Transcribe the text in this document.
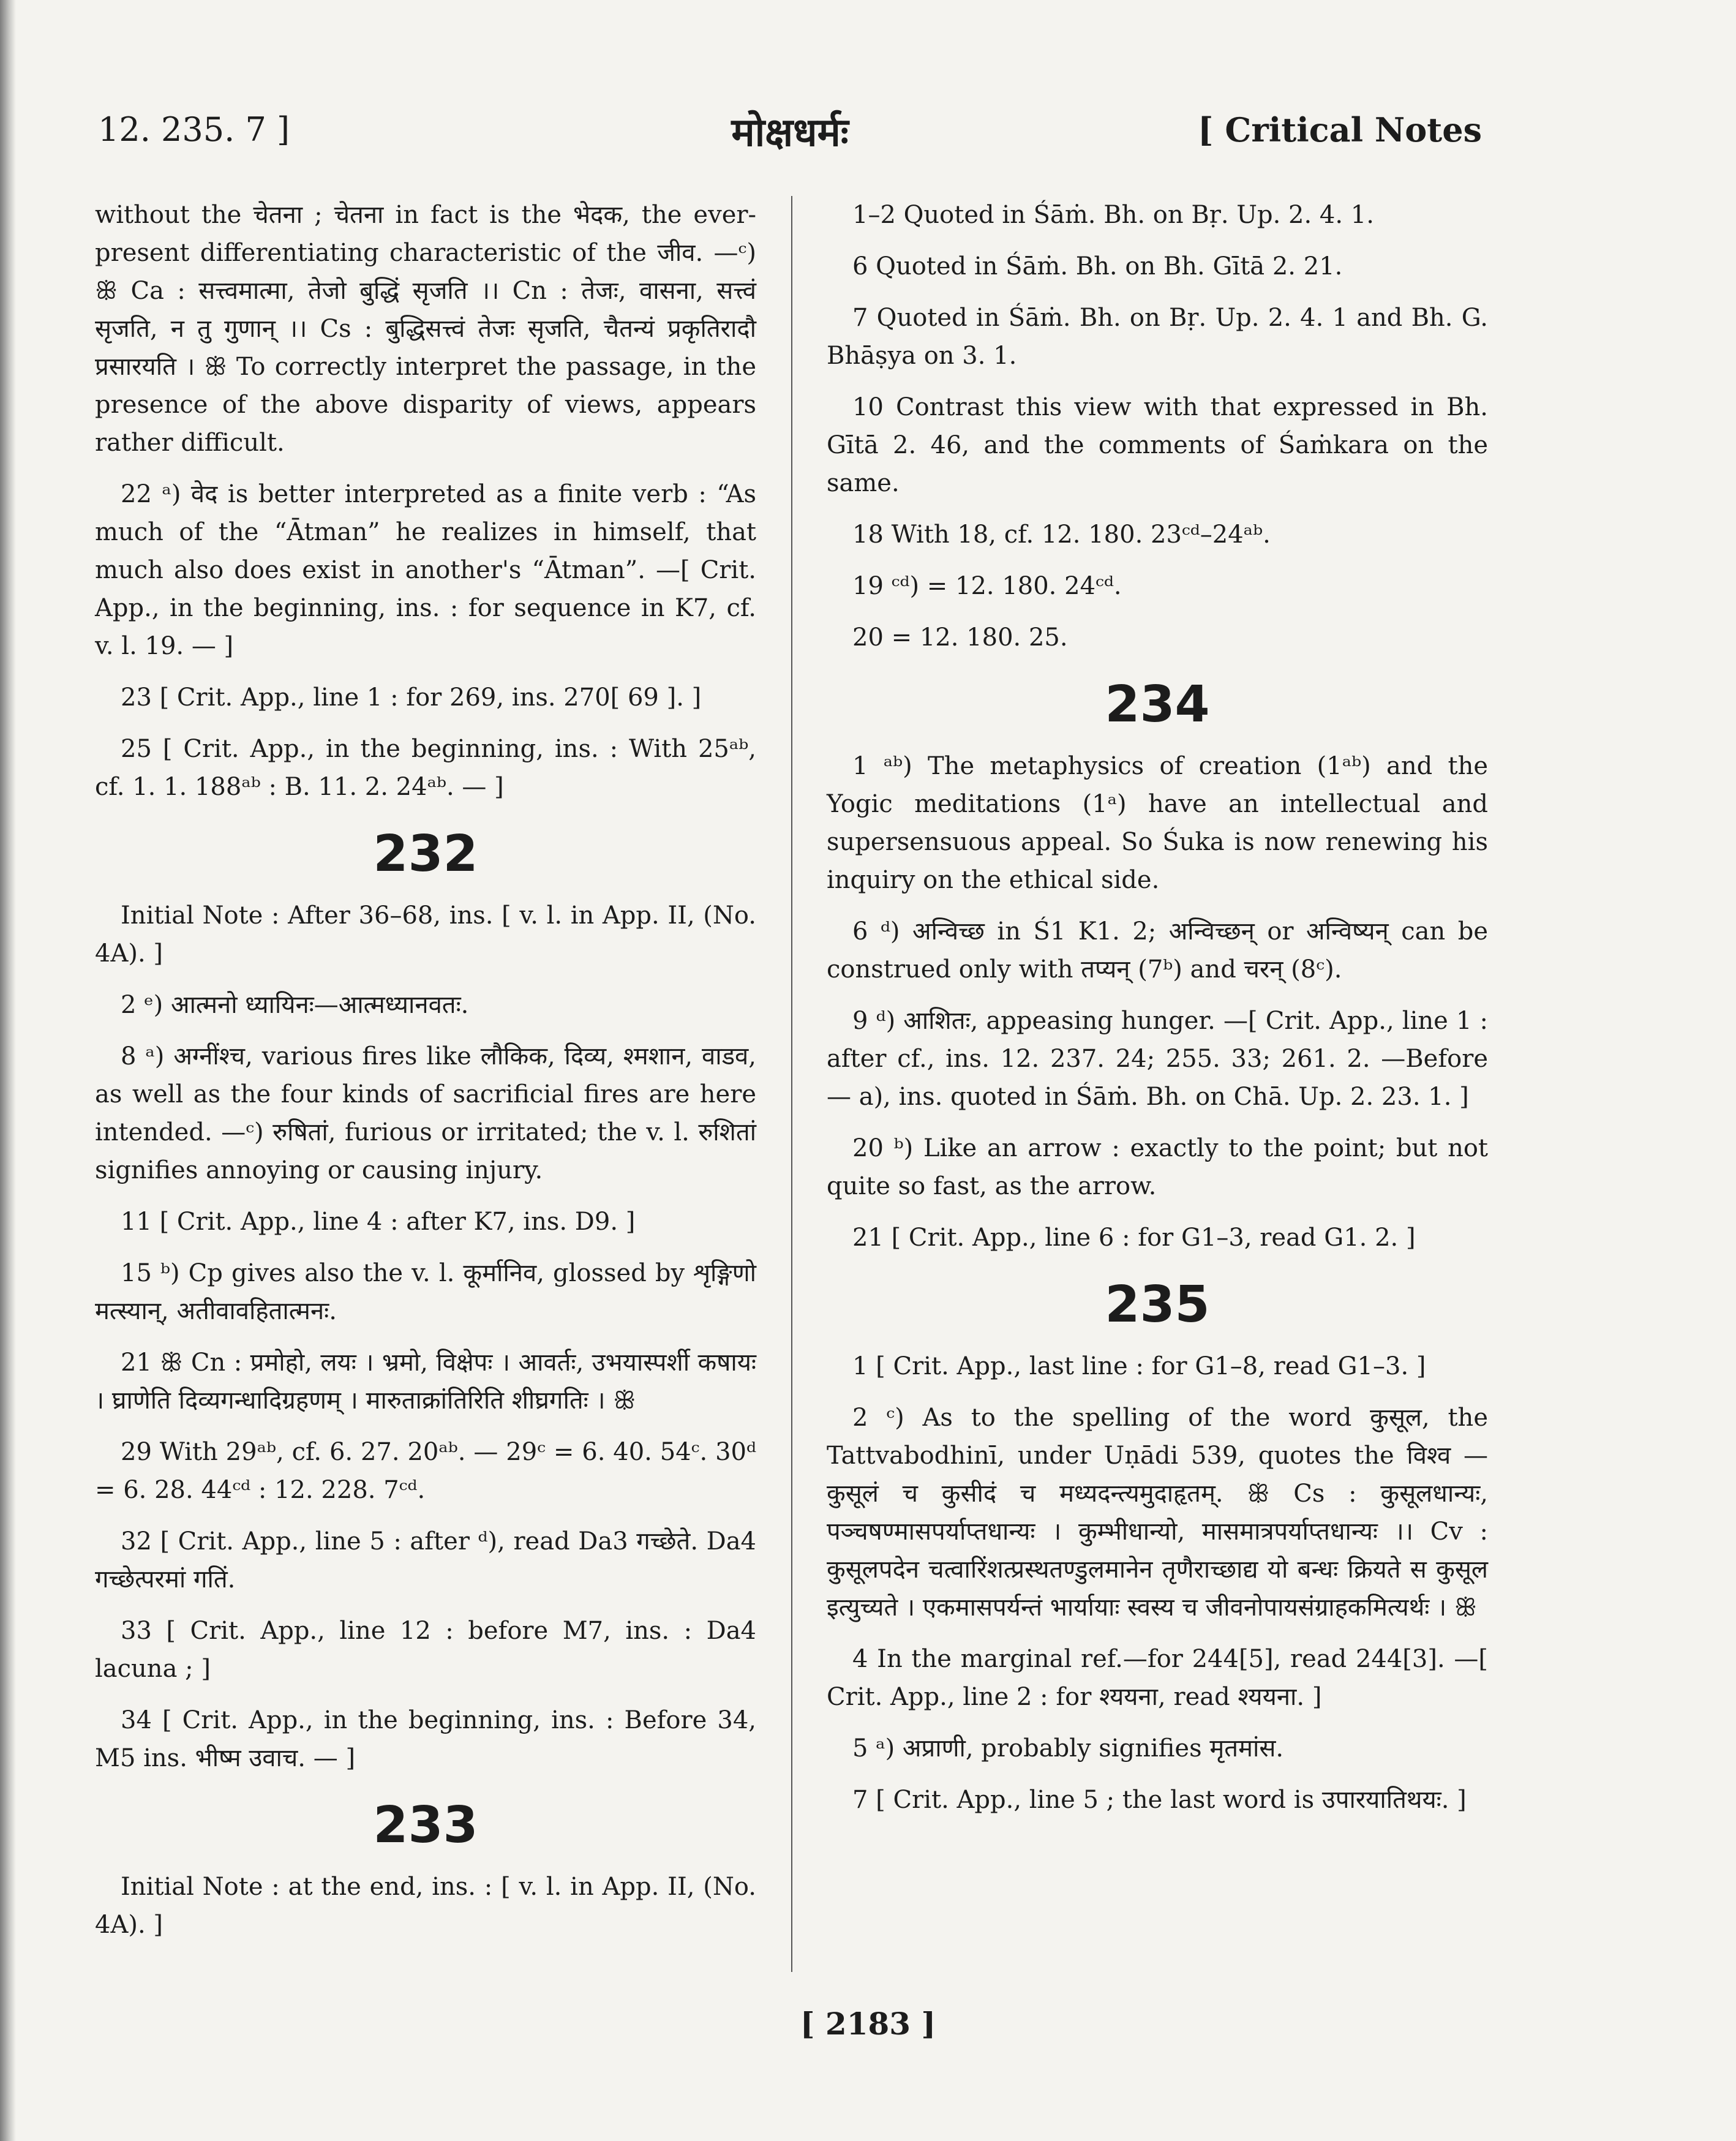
12. 235. 7 ]	मोक्षधर्मः	[ Critical Notes
without the चेतना ; चेतना in fact is the भेदक, the ever-present differentiating characteristic of the जीव. —ᶜ) ꕥ Ca : सत्त्वमात्मा, तेजो बुद्धिं सृजति ।। Cn : तेजः, वासना, सत्त्वं सृजति, न तु गुणान् ।। Cs : बुद्धिसत्त्वं तेजः सृजति, चैतन्यं प्रकृतिरादौ प्रसारयति । ꕥ To correctly interpret the passage, in the presence of the above disparity of views, appears rather difficult.
22 ᵃ) वेद is better interpreted as a finite verb : “As much of the “Ātman” he realizes in himself, that much also does exist in another's “Ātman”. —[ Crit. App., in the beginning, ins. : for sequence in K7, cf. v. l. 19. — ]
23 [ Crit. App., line 1 : for 269, ins. 270[ 69 ]. ]
25 [ Crit. App., in the beginning, ins. : With 25ᵃᵇ, cf. 1. 1. 188ᵃᵇ : B. 11. 2. 24ᵃᵇ. — ]
232
Initial Note : After 36–68, ins. [ v. l. in App. II, (No. 4A). ]
2 ᵉ) आत्मनो ध्यायिनः—आत्मध्यानवतः.
8 ᵃ) अग्नींश्च, various fires like लौकिक, दिव्य, श्मशान, वाडव, as well as the four kinds of sacrificial fires are here intended. —ᶜ) रुषितां, furious or irritated; the v. l. रुशितां signifies annoying or causing injury.
11 [ Crit. App., line 4 : after K7, ins. D9. ]
15 ᵇ) Cp gives also the v. l. कूर्मानिव, glossed by शृङ्गिणो मत्स्यान्, अतीवावहितात्मनः.
21 ꕥ Cn : प्रमोहो, लयः । भ्रमो, विक्षेपः । आवर्तः, उभयास्पर्शी कषायः । घ्राणेति दिव्यगन्धादिग्रहणम् । मारुताक्रांतिरिति शीघ्रगतिः । ꕥ
29 With 29ᵃᵇ, cf. 6. 27. 20ᵃᵇ. — 29ᶜ = 6. 40. 54ᶜ. 30ᵈ = 6. 28. 44ᶜᵈ : 12. 228. 7ᶜᵈ.
32 [ Crit. App., line 5 : after ᵈ), read Da3 गच्छेते. Da4 गच्छेत्परमां गतिं.
33 [ Crit. App., line 12 : before M7, ins. : Da4 lacuna ; ]
34 [ Crit. App., in the beginning, ins. : Before 34, M5 ins. भीष्म उवाच. — ]
233
Initial Note : at the end, ins. : [ v. l. in App. II, (No. 4A). ]
1–2 Quoted in Śāṁ. Bh. on Bṛ. Up. 2. 4. 1.
6 Quoted in Śāṁ. Bh. on Bh. Gītā 2. 21.
7 Quoted in Śāṁ. Bh. on Bṛ. Up. 2. 4. 1 and Bh. G. Bhāṣya on 3. 1.
10 Contrast this view with that expressed in Bh. Gītā 2. 46, and the comments of Śaṁkara on the same.
18 With 18, cf. 12. 180. 23ᶜᵈ–24ᵃᵇ.
19 ᶜᵈ) = 12. 180. 24ᶜᵈ.
20 = 12. 180. 25.
234
1 ᵃᵇ) The metaphysics of creation (1ᵃᵇ) and the Yogic meditations (1ᵃ) have an intellectual and supersensuous appeal. So Śuka is now renewing his inquiry on the ethical side.
6 ᵈ) अन्विच्छ in Ś1 K1. 2; अन्विच्छन् or अन्विष्यन् can be construed only with तप्यन् (7ᵇ) and चरन् (8ᶜ).
9 ᵈ) आशितः, appeasing hunger. —[ Crit. App., line 1 : after cf., ins. 12. 237. 24; 255. 33; 261. 2. —Before — a), ins. quoted in Śāṁ. Bh. on Chā. Up. 2. 23. 1. ]
20 ᵇ) Like an arrow : exactly to the point; but not quite so fast, as the arrow.
21 [ Crit. App., line 6 : for G1–3, read G1. 2. ]
235
1 [ Crit. App., last line : for G1–8, read G1–3. ]
2 ᶜ) As to the spelling of the word कुसूल, the Tattvabodhinī, under Uṇādi 539, quotes the विश्व — कुसूलं च कुसीदं च मध्यदन्त्यमुदाहृतम्. ꕥ Cs : कुसूलधान्यः, पञ्चषण्मासपर्याप्तधान्यः । कुम्भीधान्यो, मासमात्रपर्याप्तधान्यः ।। Cv : कुसूलपदेन चत्वारिंशत्प्रस्थतण्डुलमानेन तृणैराच्छाद्य यो बन्धः क्रियते स कुसूल इत्युच्यते । एकमासपर्यन्तं भार्यायाः स्वस्य च जीवनोपायसंग्राहकमित्यर्थः । ꕥ
4 In the marginal ref.—for 244[5], read 244[3]. —[ Crit. App., line 2 : for श्ययना, read श्ययना. ]
5 ᵃ) अप्राणी, probably signifies मृतमांस.
7 [ Crit. App., line 5 ; the last word is उपारयातिथयः. ]
[ 2183 ]
